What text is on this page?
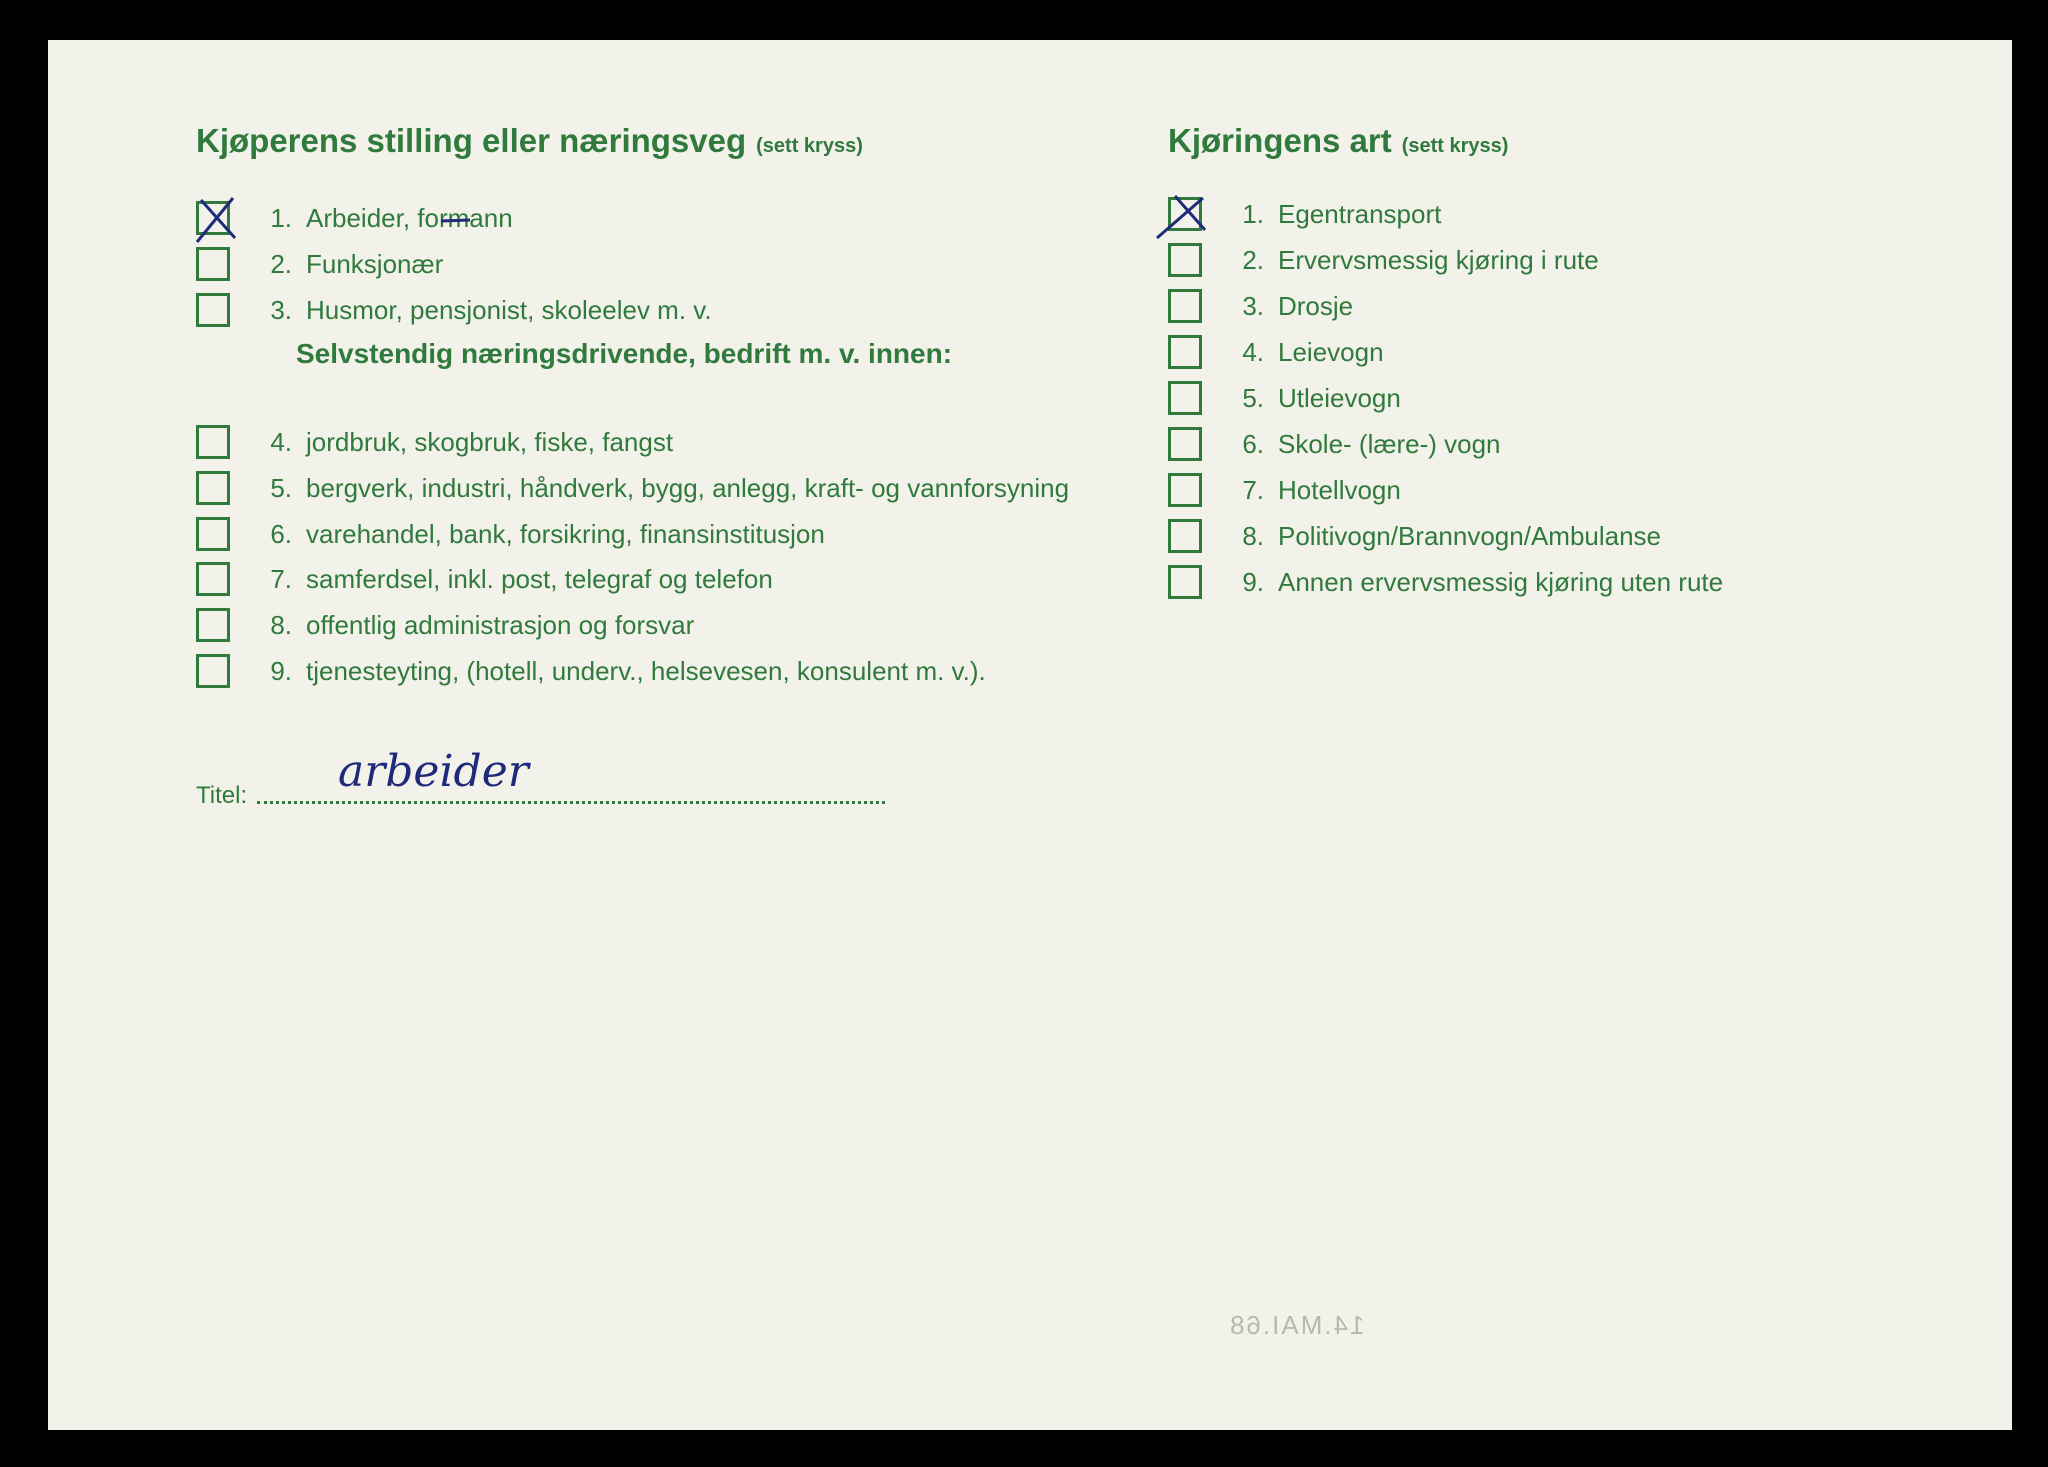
Kjøperens stilling eller næringsveg (sett kryss)
1. Arbeider, formann
2. Funksjonær
3. Husmor, pensjonist, skoleelev m. v.
Selvstendig næringsdrivende, bedrift m. v. innen:
4. jordbruk, skogbruk, fiske, fangst
5. bergverk, industri, håndverk, bygg, anlegg, kraft- og vannforsyning
6. varehandel, bank, forsikring, finansinstitusjon
7. samferdsel, inkl. post, telegraf og telefon
8. offentlig administrasjon og forsvar
9. tjenesteyting, (hotell, underv., helsevesen, konsulent m. v.).
Kjøringens art (sett kryss)
1. Egentransport
2. Ervervsmessig kjøring i rute
3. Drosje
4. Leievogn
5. Utleievogn
6. Skole- (lære-) vogn
7. Hotellvogn
8. Politivogn/Brannvogn/Ambulanse
9. Annen ervervsmessig kjøring uten rute
Titel: arbeider
14.MAI.68
